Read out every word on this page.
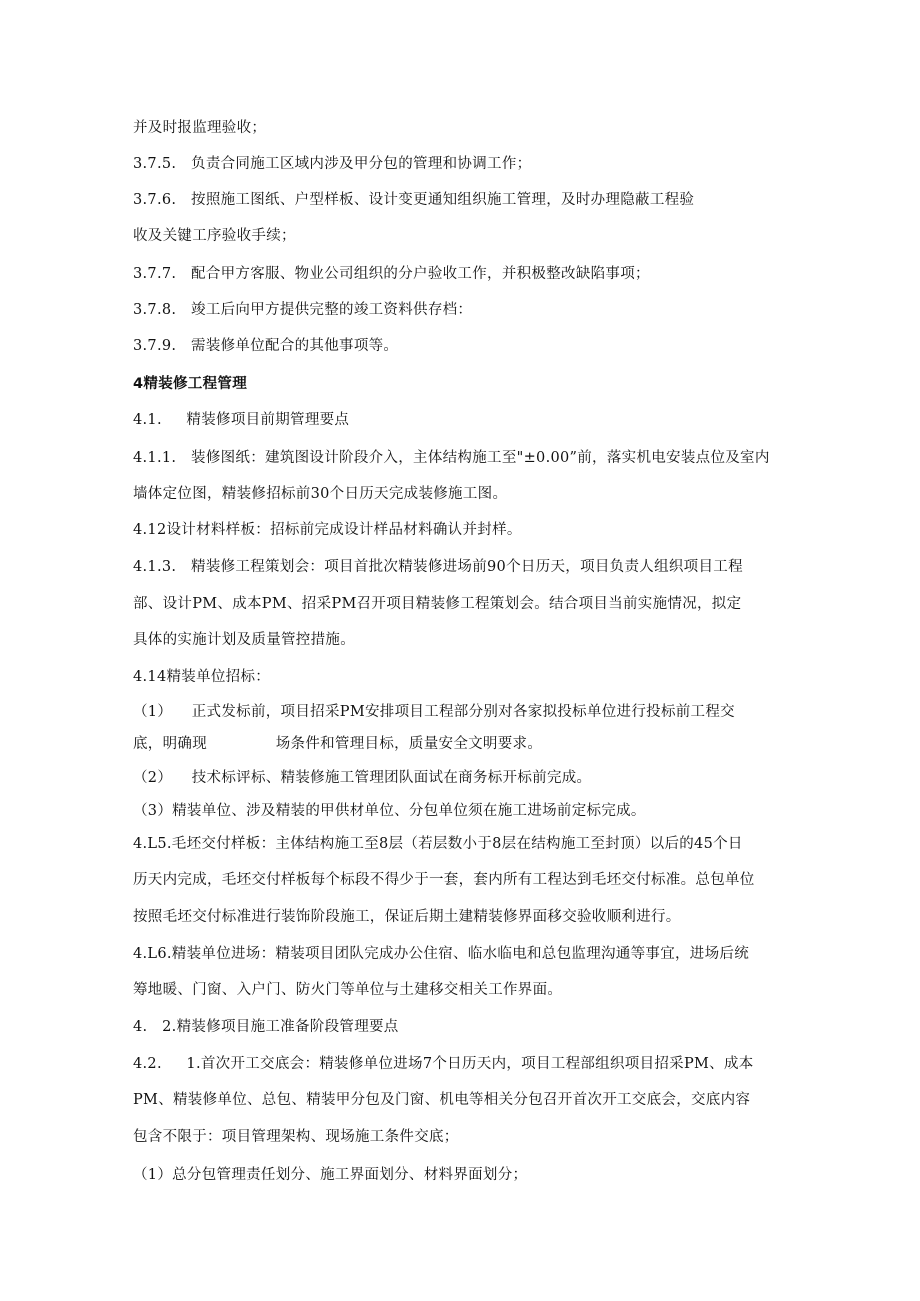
并及时报监理验收；
3.7.5.   负责合同施工区域内涉及甲分包的管理和协调工作；
3.7.6.   按照施工图纸、户型样板、设计变更通知组织施工管理，及时办理隐蔽工程验
收及关键工序验收手续；
3.7.7.   配合甲方客服、物业公司组织的分户验收工作，并积极整改缺陷事项；
3.7.8.   竣工后向甲方提供完整的竣工资料供存档：
3.7.9.   需装修单位配合的其他事项等。
4精装修工程管理
4.1.     精装修项目前期管理要点
4.1.1.   装修图纸：建筑图设计阶段介入，主体结构施工至"±0.00”前，落实机电安装点位及室内
墙体定位图，精装修招标前30个日历天完成装修施工图。
4.12设计材料样板：招标前完成设计样品材料确认并封样。
4.1.3.   精装修工程策划会：项目首批次精装修进场前90个日历天，项目负责人组织项目工程
部、设计PM、成本PM、招采PM召开项目精装修工程策划会。结合项目当前实施情况，拟定
具体的实施计划及质量管控措施。
4.14精装单位招标：
（1）    正式发标前，项目招采PM安排项目工程部分别对各家拟投标单位进行投标前工程交
底，明确现              场条件和管理目标，质量安全文明要求。
（2）    技术标评标、精装修施工管理团队面试在商务标开标前完成。
（3）精装单位、涉及精装的甲供材单位、分包单位须在施工进场前定标完成。
4.L5.毛坯交付样板：主体结构施工至8层（若层数小于8层在结构施工至封顶）以后的45个日
历天内完成，毛坯交付样板每个标段不得少于一套，套内所有工程达到毛坯交付标准。总包单位
按照毛坯交付标准进行装饰阶段施工，保证后期土建精装修界面移交验收顺利进行。
4.L6.精装单位进场：精装项目团队完成办公住宿、临水临电和总包监理沟通等事宜，进场后统
筹地暖、门窗、入户门、防火门等单位与土建移交相关工作界面。
4.   2.精装修项目施工准备阶段管理要点
4.2.     1.首次开工交底会：精装修单位进场7个日历天内，项目工程部组织项目招采PM、成本
PM、精装修单位、总包、精装甲分包及门窗、机电等相关分包召开首次开工交底会，交底内容
包含不限于：项目管理架构、现场施工条件交底；
（1）总分包管理责任划分、施工界面划分、材料界面划分；
